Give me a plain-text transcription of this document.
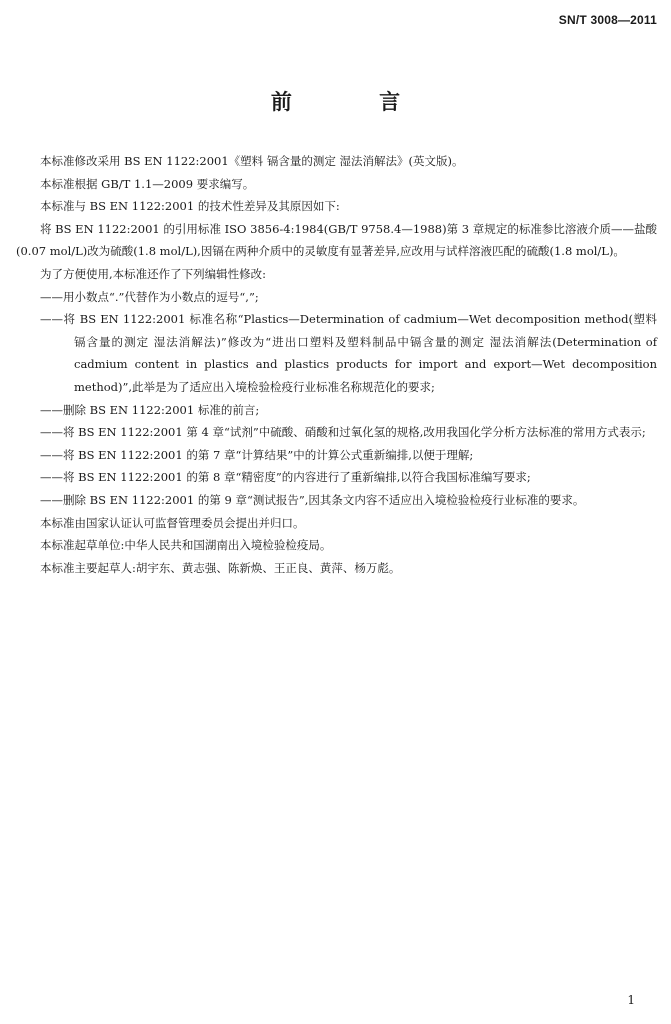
SN/T 3008—2011
前 言

本标准修改采用 BS EN 1122:2001《塑料 镉含量的测定 湿法消解法》(英文版)。

本标准根据 GB/T 1.1—2009 要求编写。

本标准与 BS EN 1122:2001 的技术性差异及其原因如下:

将 BS EN 1122:2001 的引用标准 ISO 3856-4:1984(GB/T 9758.4—1988)第 3 章规定的标准参比溶液介质——盐酸(0.07 mol/L)改为硫酸(1.8 mol/L),因镉在两种介质中的灵敏度有显著差异,应改用与试样溶液匹配的硫酸(1.8 mol/L)。

为了方便使用,本标准还作了下列编辑性修改:

——用小数点“.”代替作为小数点的逗号“,”;

——将 BS EN 1122:2001 标准名称“Plastics—Determination of cadmium—Wet decomposition method(塑料 镉含量的测定 湿法消解法)”修改为“进出口塑料及塑料制品中镉含量的测定 湿法消解法(Determination of cadmium content in plastics and plastics products for import and export—Wet decomposition method)”,此举是为了适应出入境检验检疫行业标准名称规范化的要求;

——删除 BS EN 1122:2001 标准的前言;

——将 BS EN 1122:2001 第 4 章“试剂”中硫酸、硝酸和过氧化氢的规格,改用我国化学分析方法标准的常用方式表示;

——将 BS EN 1122:2001 的第 7 章“计算结果”中的计算公式重新编排,以便于理解;

——将 BS EN 1122:2001 的第 8 章“精密度”的内容进行了重新编排,以符合我国标准编写要求;

——删除 BS EN 1122:2001 的第 9 章“测试报告”,因其条文内容不适应出入境检验检疫行业标准的要求。

本标准由国家认证认可监督管理委员会提出并归口。

本标准起草单位:中华人民共和国湖南出入境检验检疫局。

本标准主要起草人:胡宇东、黄志强、陈新焕、王正良、黄萍、杨万彪。

1
